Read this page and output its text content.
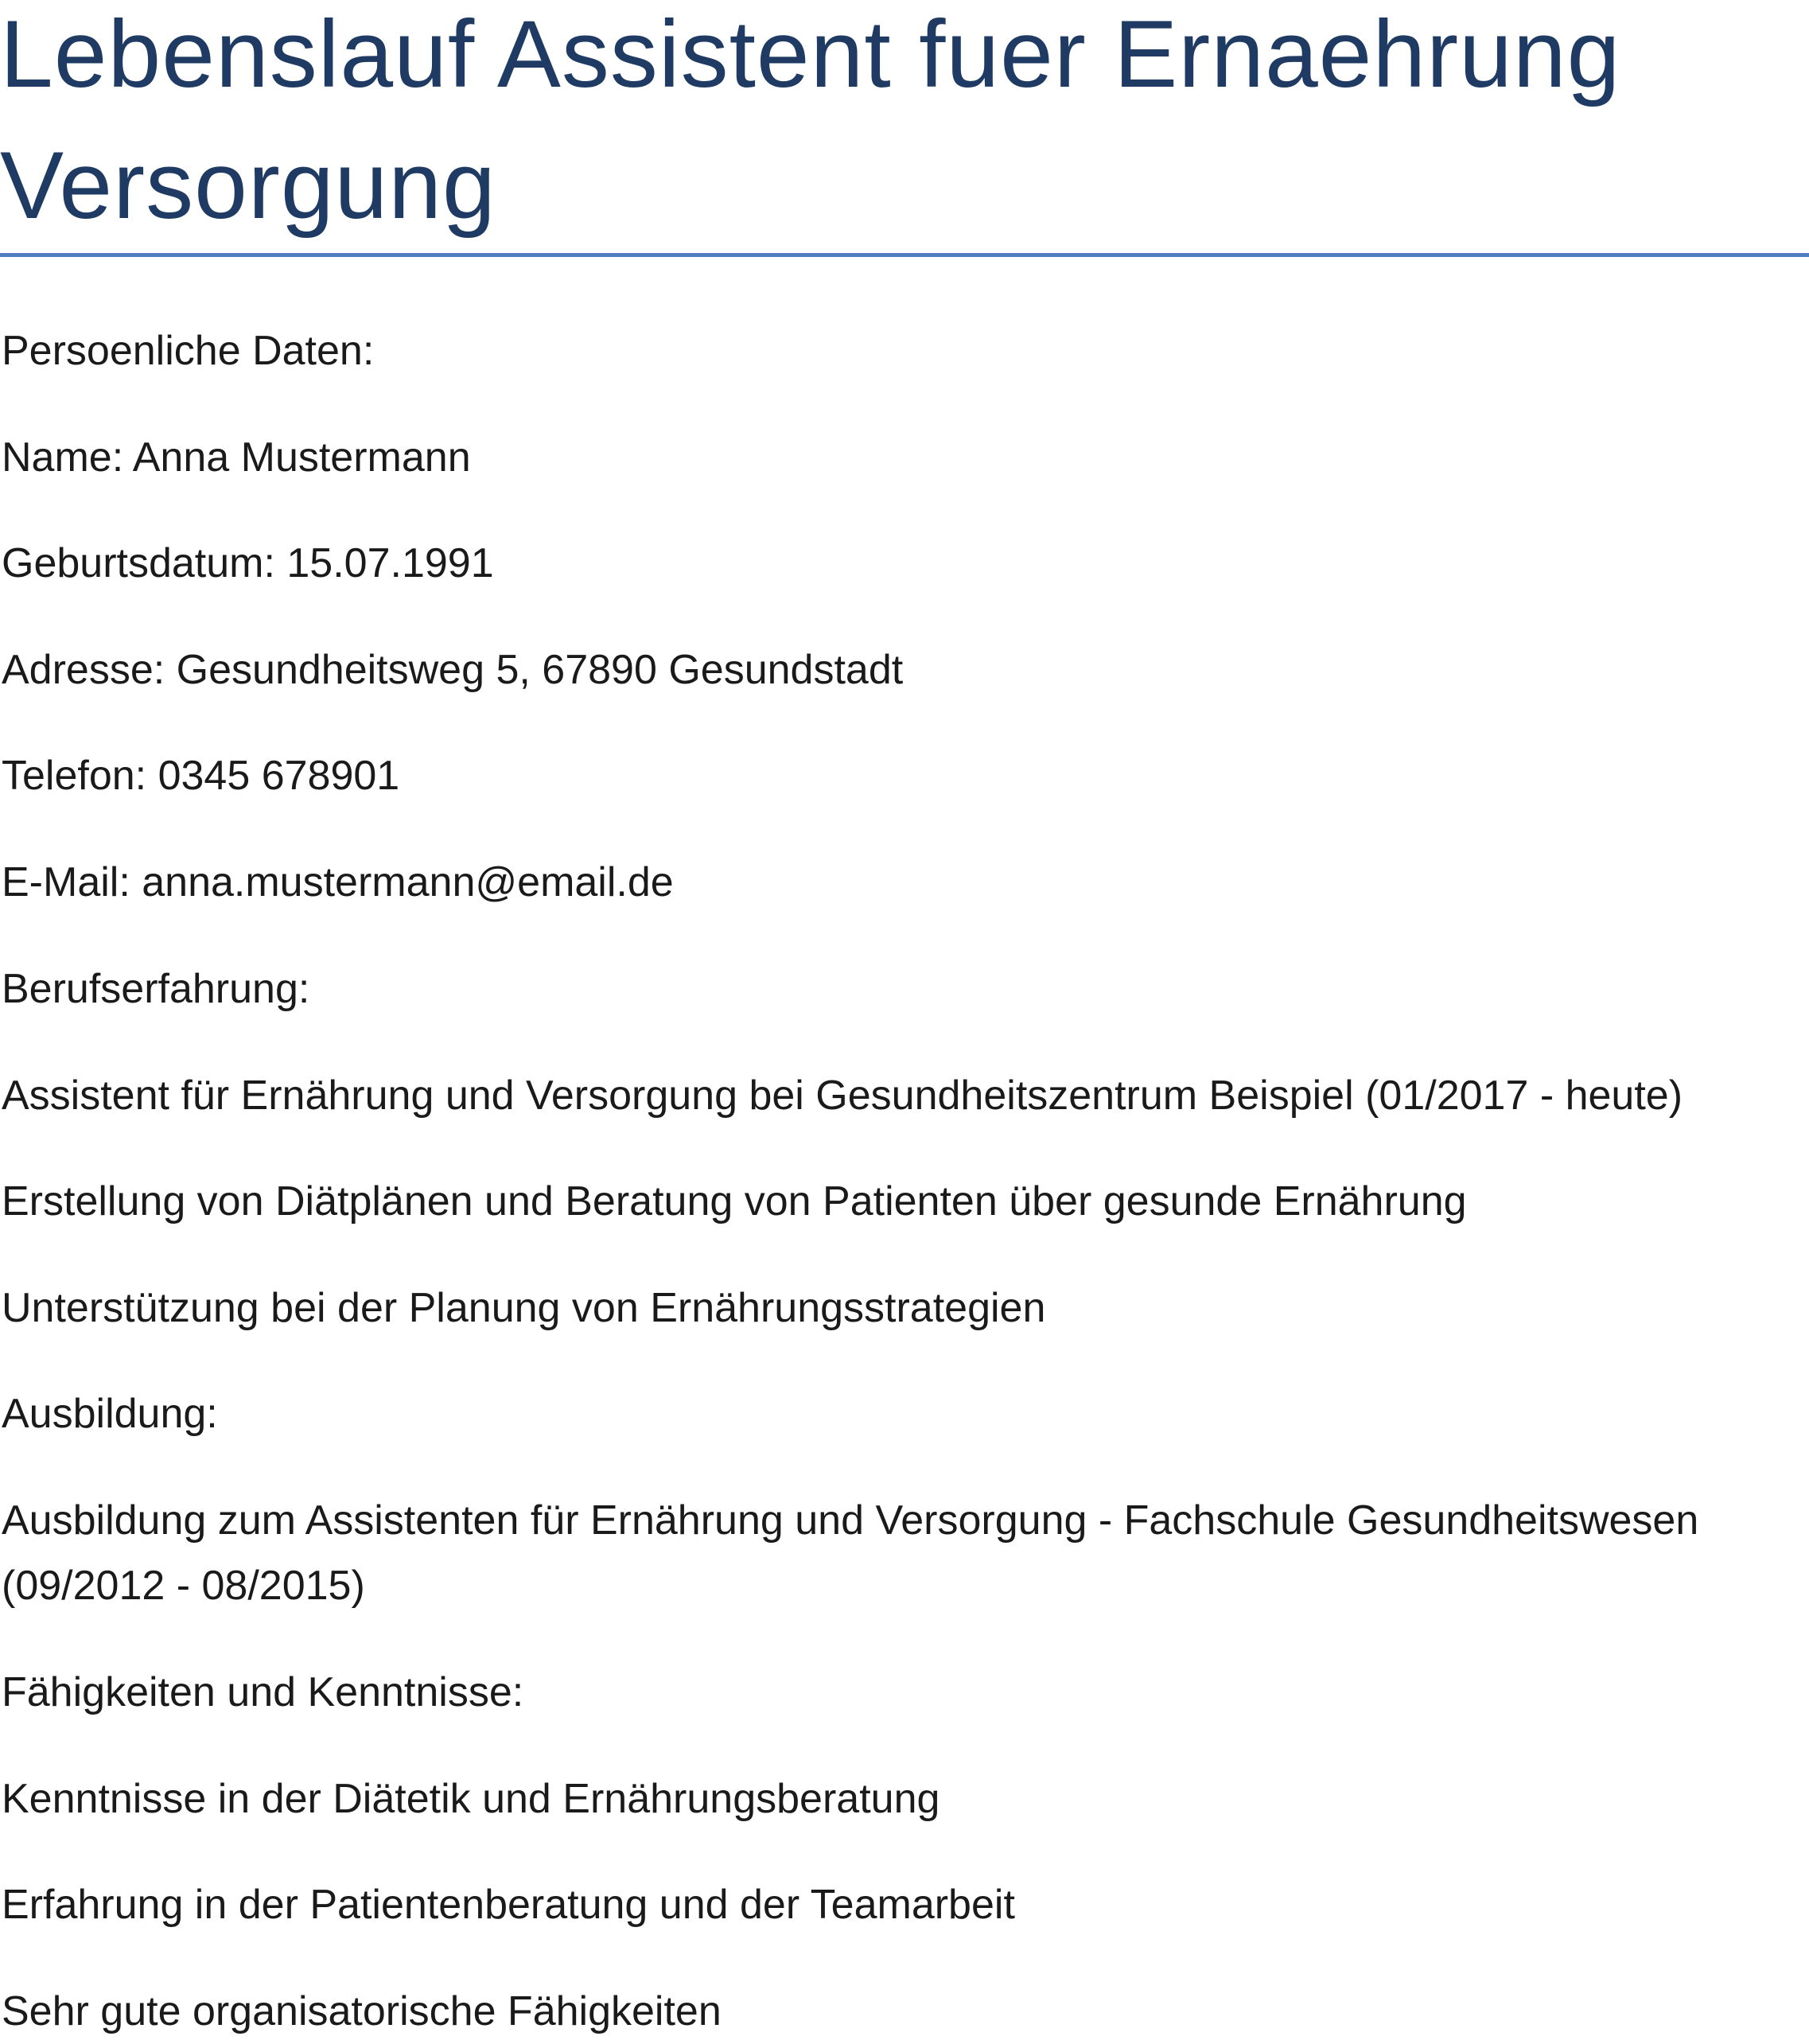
Lebenslauf Assistent fuer Ernaehrung Versorgung

Persoenliche Daten:

Name: Anna Mustermann

Geburtsdatum: 15.07.1991

Adresse: Gesundheitsweg 5, 67890 Gesundstadt

Telefon: 0345 678901

E-Mail: anna.mustermann@email.de

Berufserfahrung:

Assistent für Ernährung und Versorgung bei Gesundheitszentrum Beispiel (01/2017 - heute)

Erstellung von Diätplänen und Beratung von Patienten über gesunde Ernährung

Unterstützung bei der Planung von Ernährungsstrategien

Ausbildung:

Ausbildung zum Assistenten für Ernährung und Versorgung - Fachschule Gesundheitswesen (09/2012 - 08/2015)

Fähigkeiten und Kenntnisse:

Kenntnisse in der Diätetik und Ernährungsberatung

Erfahrung in der Patientenberatung und der Teamarbeit

Sehr gute organisatorische Fähigkeiten
